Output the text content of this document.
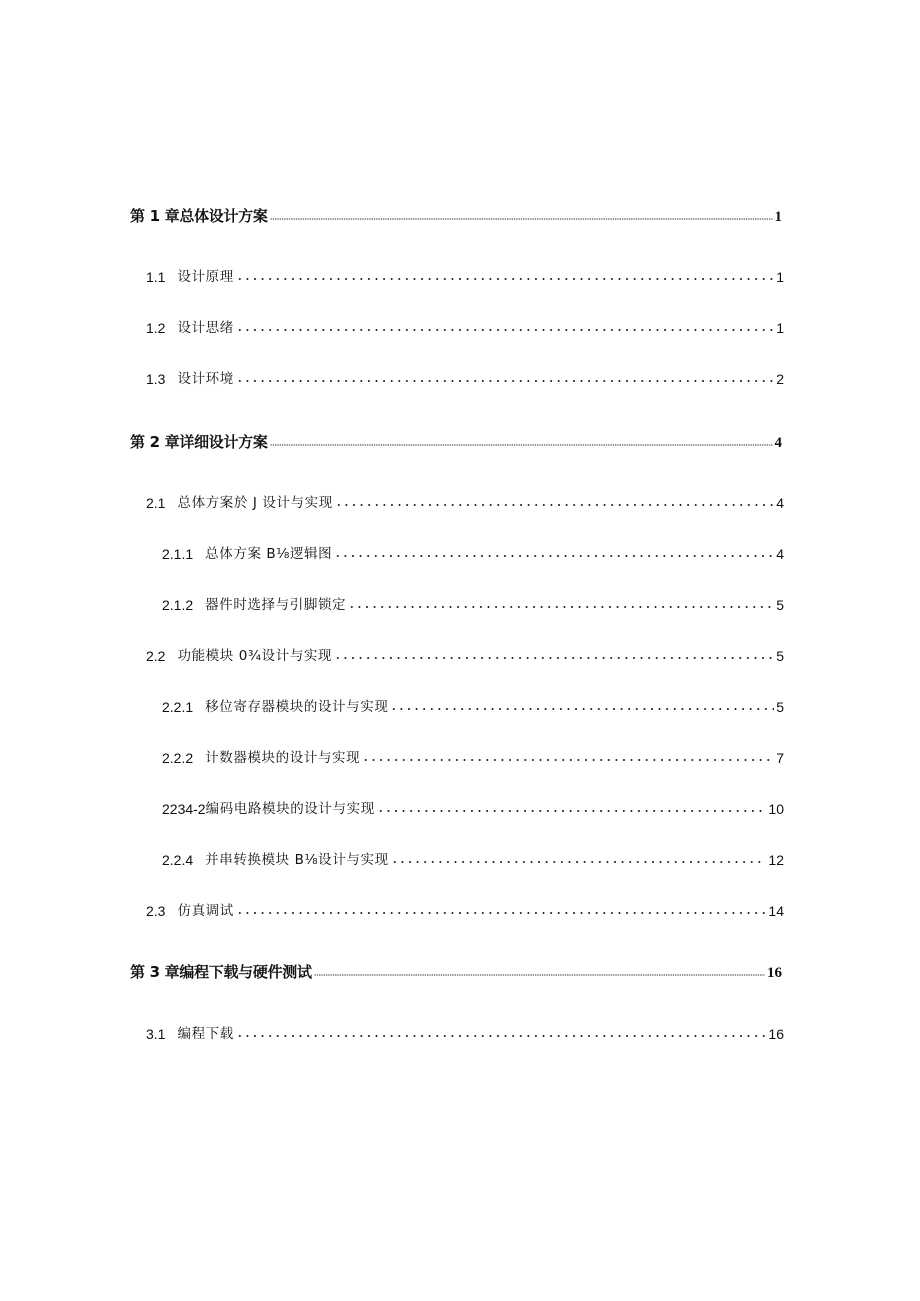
第 1 章总体设计方案	1
1.1 设计原理	1
1.2 设计思绪	1
1.3 设计环境	2
第 2 章详细设计方案	4
2.1 总体方案於 J 设计与实现	4
2.1.1 总体方案 B⅛逻辑图	4
2.1.2 器件时选择与引脚锁定	5
2.2 功能模块 0¾设计与实现	5
2.2.1 移位寄存器模块的设计与实现	5
2.2.2 计数器模块的设计与实现	7
2234-2 编码电路模块的设计与实现	10
2.2.4 并串转换模块 B⅛设计与实现	12
2.3 仿真调试	14
第 3 章编程下载与硬件测试	16
3.1 编程下载	16
